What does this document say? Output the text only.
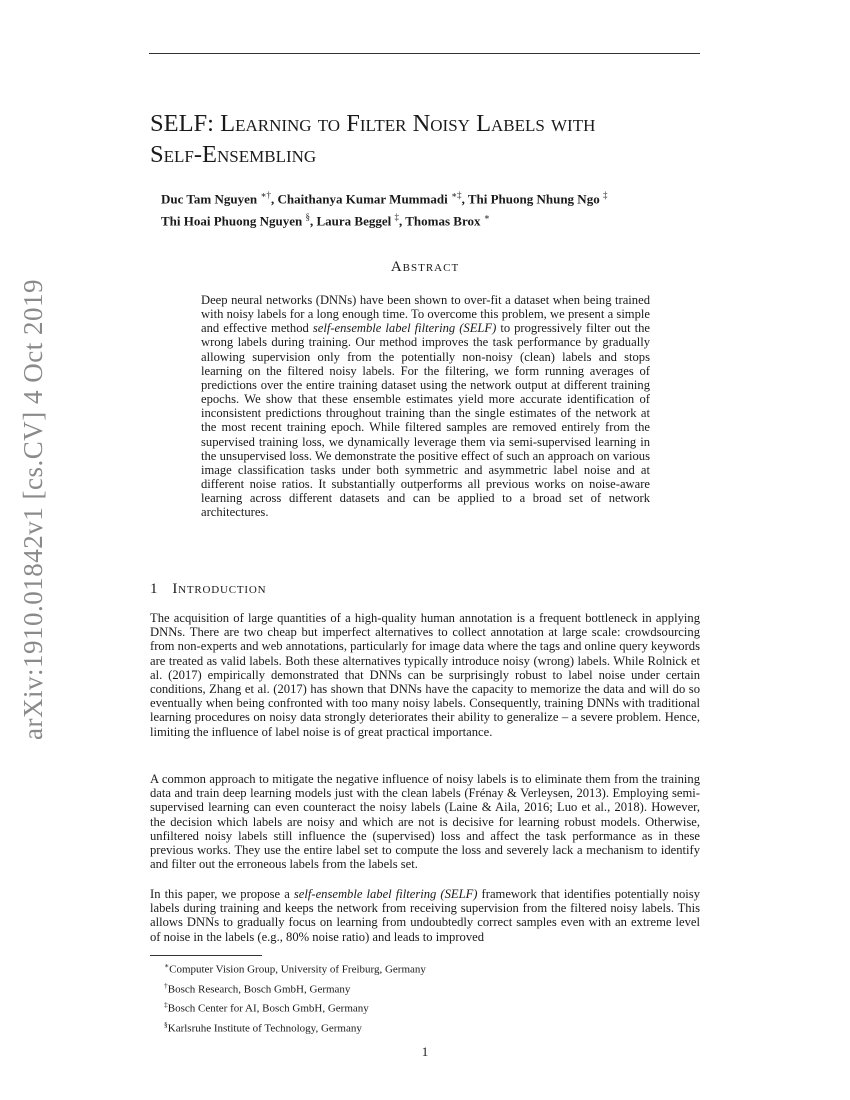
arXiv:1910.01842v1 [cs.CV] 4 Oct 2019
SELF: Learning to Filter Noisy Labels with
Self-Ensembling
Duc Tam Nguyen ∗†, Chaithanya Kumar Mummadi ∗‡, Thi Phuong Nhung Ngo ‡
Thi Hoai Phuong Nguyen §, Laura Beggel ‡, Thomas Brox ∗
Abstract

Deep neural networks (DNNs) have been shown to over-fit a dataset when being trained with noisy labels for a long enough time. To overcome this problem, we present a simple and effective method self-ensemble label filtering (SELF) to progressively filter out the wrong labels during training. Our method improves the task performance by gradually allowing supervision only from the potentially non-noisy (clean) labels and stops learning on the filtered noisy labels. For the filtering, we form running averages of predictions over the entire training dataset using the network output at different training epochs. We show that these ensemble estimates yield more accurate identification of inconsistent predictions throughout training than the single estimates of the network at the most recent training epoch. While filtered samples are removed entirely from the supervised training loss, we dynamically leverage them via semi-supervised learning in the unsupervised loss. We demonstrate the positive effect of such an approach on various image classification tasks under both symmetric and asymmetric label noise and at different noise ratios. It substantially outperforms all previous works on noise-aware learning across different datasets and can be applied to a broad set of network architectures.

1 Introduction

The acquisition of large quantities of a high-quality human annotation is a frequent bottleneck in applying DNNs. There are two cheap but imperfect alternatives to collect annotation at large scale: crowdsourcing from non-experts and web annotations, particularly for image data where the tags and online query keywords are treated as valid labels. Both these alternatives typically introduce noisy (wrong) labels. While Rolnick et al. (2017) empirically demonstrated that DNNs can be surprisingly robust to label noise under certain conditions, Zhang et al. (2017) has shown that DNNs have the capacity to memorize the data and will do so eventually when being confronted with too many noisy labels. Consequently, training DNNs with traditional learning procedures on noisy data strongly deteriorates their ability to generalize – a severe problem. Hence, limiting the influence of label noise is of great practical importance.

A common approach to mitigate the negative influence of noisy labels is to eliminate them from the training data and train deep learning models just with the clean labels (Frénay & Verleysen, 2013). Employing semi-supervised learning can even counteract the noisy labels (Laine & Aila, 2016; Luo et al., 2018). However, the decision which labels are noisy and which are not is decisive for learning robust models. Otherwise, unfiltered noisy labels still influence the (supervised) loss and affect the task performance as in these previous works. They use the entire label set to compute the loss and severely lack a mechanism to identify and filter out the erroneous labels from the labels set.

In this paper, we propose a self-ensemble label filtering (SELF) framework that identifies potentially noisy labels during training and keeps the network from receiving supervision from the filtered noisy labels. This allows DNNs to gradually focus on learning from undoubtedly correct samples even with an extreme level of noise in the labels (e.g., 80% noise ratio) and leads to improved

∗Computer Vision Group, University of Freiburg, Germany
†Bosch Research, Bosch GmbH, Germany
‡Bosch Center for AI, Bosch GmbH, Germany
§Karlsruhe Institute of Technology, Germany
1
